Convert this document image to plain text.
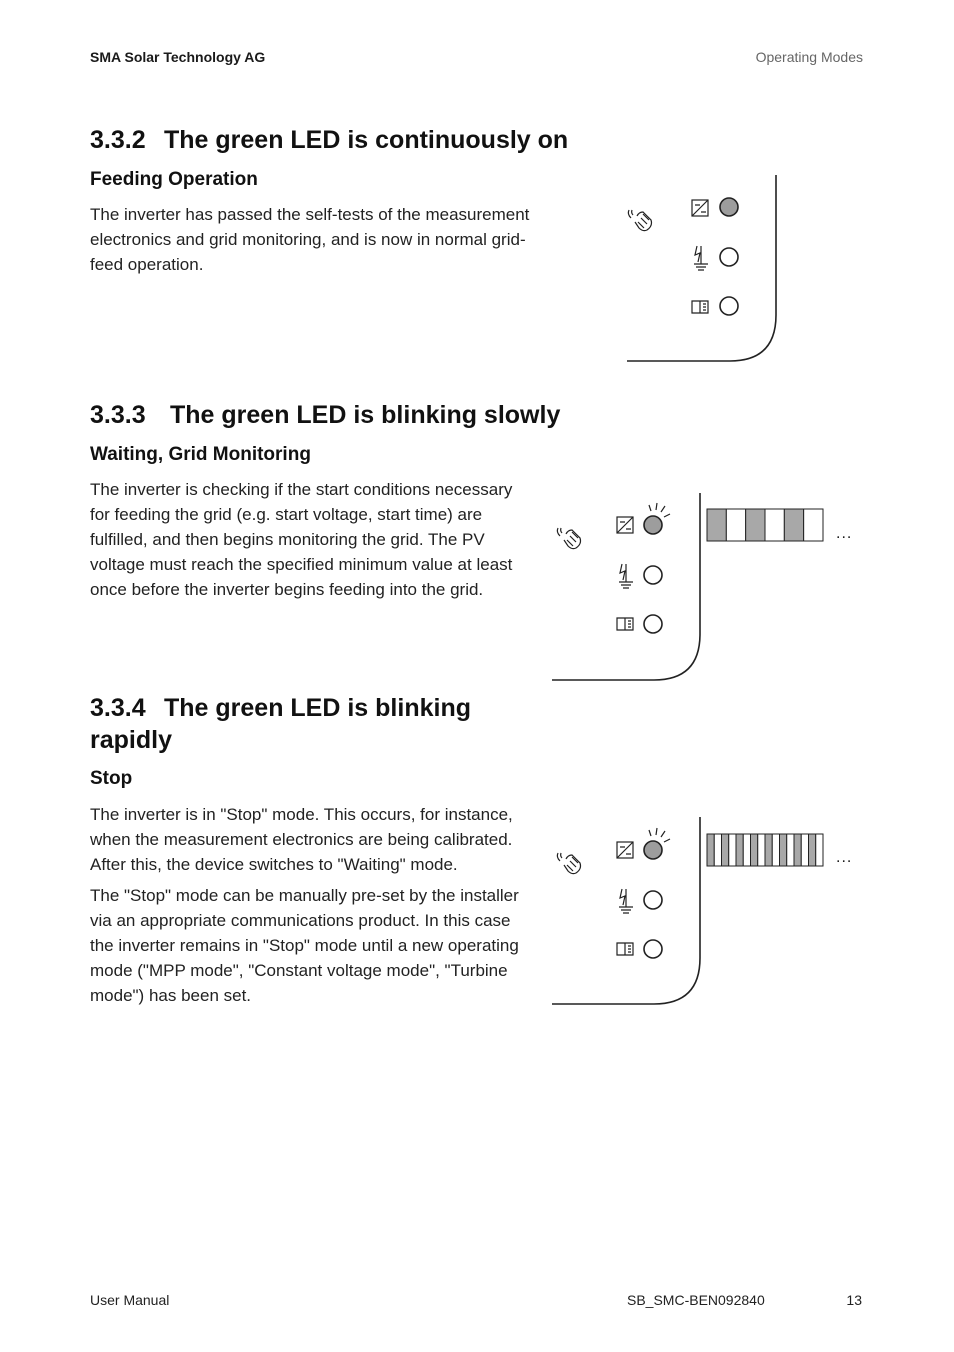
SMA Solar Technology AG	Operating Modes
3.3.2 The green LED is continuously on
Feeding Operation

The inverter has passed the self-tests of the measurement electronics and grid monitoring, and is now in normal grid-feed operation.

3.3.3 The green LED is blinking slowly
Waiting, Grid Monitoring

The inverter is checking if the start conditions necessary for feeding the grid (e.g. start voltage, start time) are fulfilled, and then begins monitoring the grid. The PV voltage must reach the specified minimum value at least once before the inverter begins feeding into the grid.

...
3.3.4 The green LED is blinking rapidly
Stop

The inverter is in "Stop" mode. This occurs, for instance, when the measurement electronics are being calibrated. After this, the device switches to "Waiting" mode.

The "Stop" mode can be manually pre-set by the installer via an appropriate communications product. In this case the inverter remains in "Stop" mode until a new operating mode ("MPP mode", "Constant voltage mode", "Turbine mode") has been set.

...
User Manual	SB_SMC-BEN092840	13
